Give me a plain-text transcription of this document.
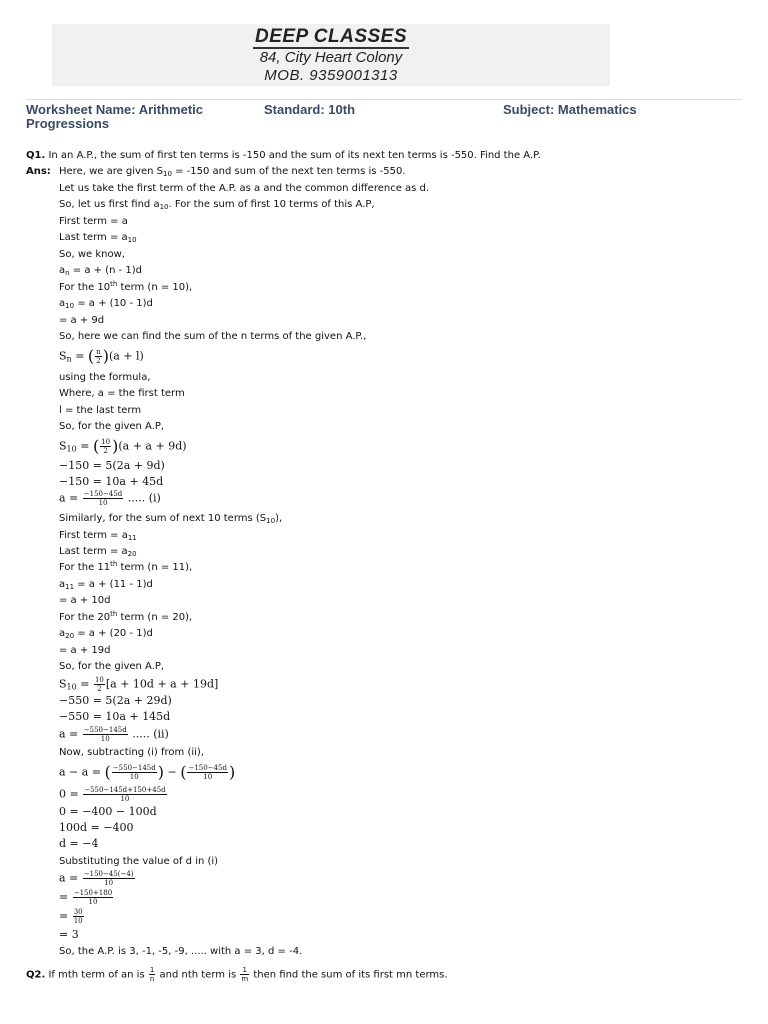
DEEP CLASSES
84, City Heart Colony
MOB. 9359001313
Worksheet Name: Arithmetic
Progressions
Standard: 10th	Subject: Mathematics
Q1. In an A.P., the sum of first ten terms is -150 and the sum of its next ten terms is -550. Find the A.P.
Ans: Here, we are given $S_{10} = -150$ and sum of the next ten terms is -550.
Let us take the first term of the A.P. as a and the common difference as d.
So, let us first find $a_{10}$. For the sum of first 10 terms of this A.P,
First term = a
Last term = $a_{10}$
So, we know,
$a_n = a + (n - 1)d$
For the 10th term (n = 10),
$a_{10} = a + (10 - 1)d$
= a + 9d
So, here we can find the sum of the n terms of the given A.P.,
$S_n$ = ( $\frac{n}{2} )(a + l)$
using the formula,
Where, a = the first term
l = the last term
So, for the given A.P,
$S_{10}$ = ( $\frac{10}{2} )(a + a + 9d)$
−150 = 5(2a + 9d)
−150 = 10a + 45d
$a = \frac{-150-45d}{10}$ ..... (i)
Similarly, for the sum of next 10 terms $(S_{10})$,
First term = $a_{11}$
Last term = $a_{20}$
For the 11th term (n = 11),
$a_{11} = a + (11 - 1)d$
= a + 10d
For the 20th term (n = 20),
$a_{20} = a + (20 - 1)d$
= a + 19d
So, for the given A.P,
$S_{10} = \frac{10}{2} [a + 10d + a + 19d]$
−550 = 5(2a + 29d)
−550 = 10a + 145d
$a = \frac{-550-145d}{10}$ ..... (ii)
Now, subtracting (i) from (ii),
a − a = ( $\frac{-550-145d}{10}$ ) − ( $\frac{-150-45d}{10}$ )
$0 = \frac{-550-145d+150+45d}{10}$
0 = −400 − 100d
100d = −400
d = −4
Substituting the value of d in (i)
$a = \frac{-150-45(-4)}{10}$
= $\frac{-150+180}{10}$
= $\frac{30}{10}$
= 3
So, the A.P. is 3, -1, -5, -9, ..... with a = 3, d = -4.
Q2. If mth term of an is $\frac{1}{n}$ and nth term is $\frac{1}{m}$ then find the sum of its first mn terms.
